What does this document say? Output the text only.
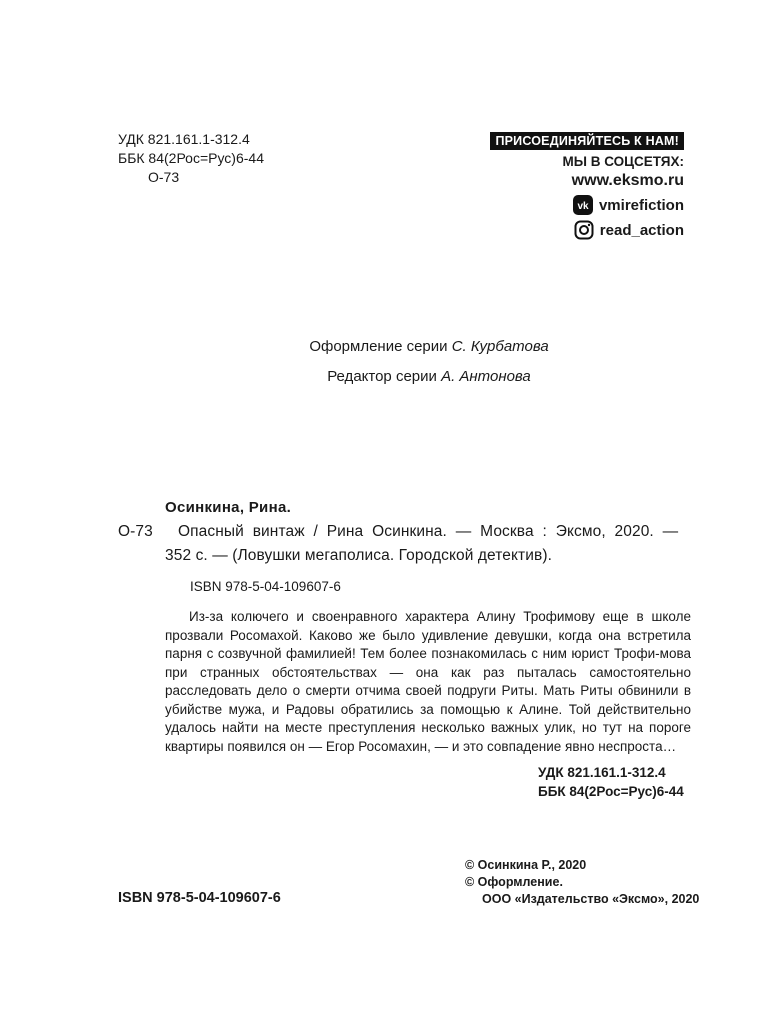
УДК 821.161.1-312.4
ББК 84(2Рос=Рус)6-44
О-73
ПРИСОЕДИНЯЙТЕСЬ К НАМ!
МЫ В СОЦСЕТЯХ:
www.eksmo.ru
vk vmirefiction
read_action
Оформление серии С. Курбатова
Редактор серии А. Антонова
Осинкина, Рина.
О-73 Опасный  винтаж  /  Рина  Осинкина.  —  Москва  :  Эксмо,  2020.  —
352 с. — (Ловушки мегаполиса. Городской детектив).
ISBN 978-5-04-109607-6

Из-за колючего и своенравного характера Алину Трофимову еще в школе прозвали Росомахой. Каково же было удивление девушки, когда она встретила парня с созвучной фамилией! Тем более познакомилась с ним юрист Трофи-мова при странных обстоятельствах — она как раз пыталась самостоятельно расследовать дело о смерти отчима своей подруги Риты. Мать Риты обвинили в убийстве мужа, и Радовы обратились за помощью к Алине. Той действительно удалось найти на месте преступления несколько важных улик, но тут на пороге квартиры появился он — Егор Росомахин, — и это совпадение явно неспроста…

УДК 821.161.1-312.4
ББК 84(2Рос=Рус)6-44
ISBN 978-5-04-109607-6
© Осинкина Р., 2020
© Оформление.
ООО «Издательство «Эксмо», 2020
